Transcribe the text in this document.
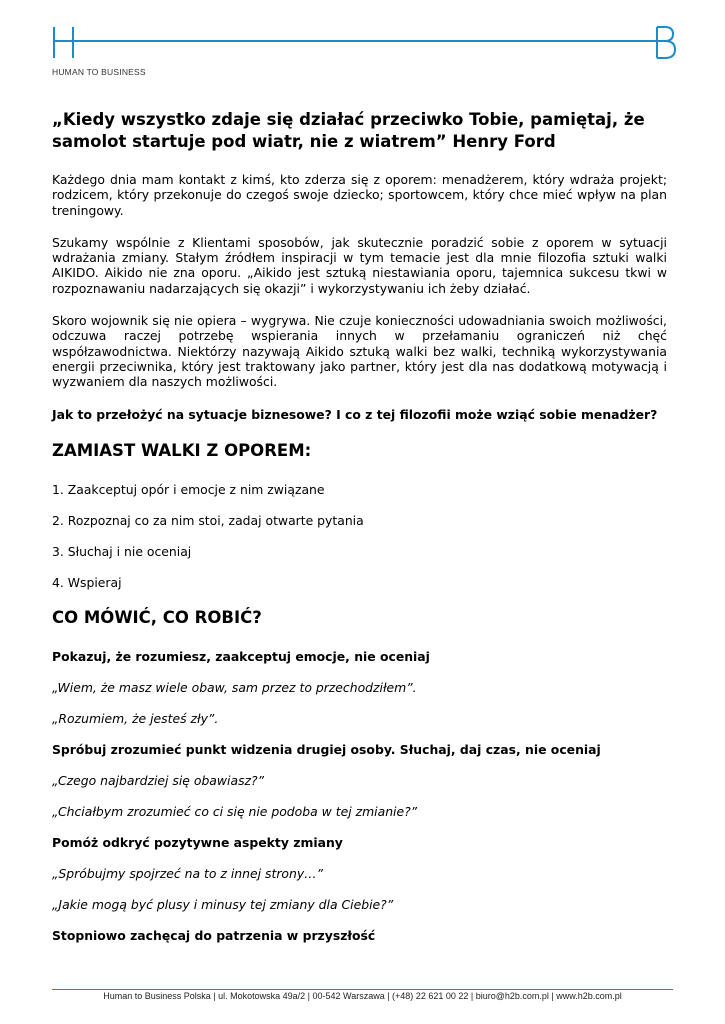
HUMAN TO BUSINESS
„Kiedy wszystko zdaje się działać przeciwko Tobie, pamiętaj, że samolot startuje pod wiatr, nie z wiatrem” Henry Ford

Każdego dnia mam kontakt z kimś, kto zderza się z oporem: menadżerem, który wdraża projekt; rodzicem, który przekonuje do czegoś swoje dziecko; sportowcem, który chce mieć wpływ na plan treningowy.

Szukamy wspólnie z Klientami sposobów, jak skutecznie poradzić sobie z oporem w sytuacji wdrażania zmiany. Stałym źródłem inspiracji w tym temacie jest dla mnie filozofia sztuki walki AIKIDO. Aikido nie zna oporu. „Aikido jest sztuką niestawiania oporu, tajemnica sukcesu tkwi w rozpoznawaniu nadarzających się okazji” i wykorzystywaniu ich żeby działać.

Skoro wojownik się nie opiera – wygrywa. Nie czuje konieczności udowadniania swoich możliwości, odczuwa raczej potrzebę wspierania innych w przełamaniu ograniczeń niż chęć współzawodnictwa. Niektórzy nazywają Aikido sztuką walki bez walki, techniką wykorzystywania energii przeciwnika, który jest traktowany jako partner, który jest dla nas dodatkową motywacją i wyzwaniem dla naszych możliwości.

Jak to przełożyć na sytuacje biznesowe? I co z tej filozofii może wziąć sobie menadżer?

ZAMIAST WALKI Z OPOREM:
1. Zaakceptuj opór i emocje z nim związane
2. Rozpoznaj co za nim stoi, zadaj otwarte pytania
3. Słuchaj i nie oceniaj
4. Wspieraj
CO MÓWIĆ, CO ROBIĆ?
Pokazuj, że rozumiesz, zaakceptuj emocje, nie oceniaj
„Wiem, że masz wiele obaw, sam przez to przechodziłem”.
„Rozumiem, że jesteś zły”.
Spróbuj zrozumieć punkt widzenia drugiej osoby. Słuchaj, daj czas, nie oceniaj
„Czego najbardziej się obawiasz?”
„Chciałbym zrozumieć co ci się nie podoba w tej zmianie?”
Pomóż odkryć pozytywne aspekty zmiany
„Spróbujmy spojrzeć na to z innej strony…”
„Jakie mogą być plusy i minusy tej zmiany dla Ciebie?”
Stopniowo zachęcaj do patrzenia w przyszłość
Human to Business Polska | ul. Mokotowska 49a/2 | 00-542 Warszawa | (+48) 22 621 00 22 | biuro@h2b.com.pl | www.h2b.com.pl
